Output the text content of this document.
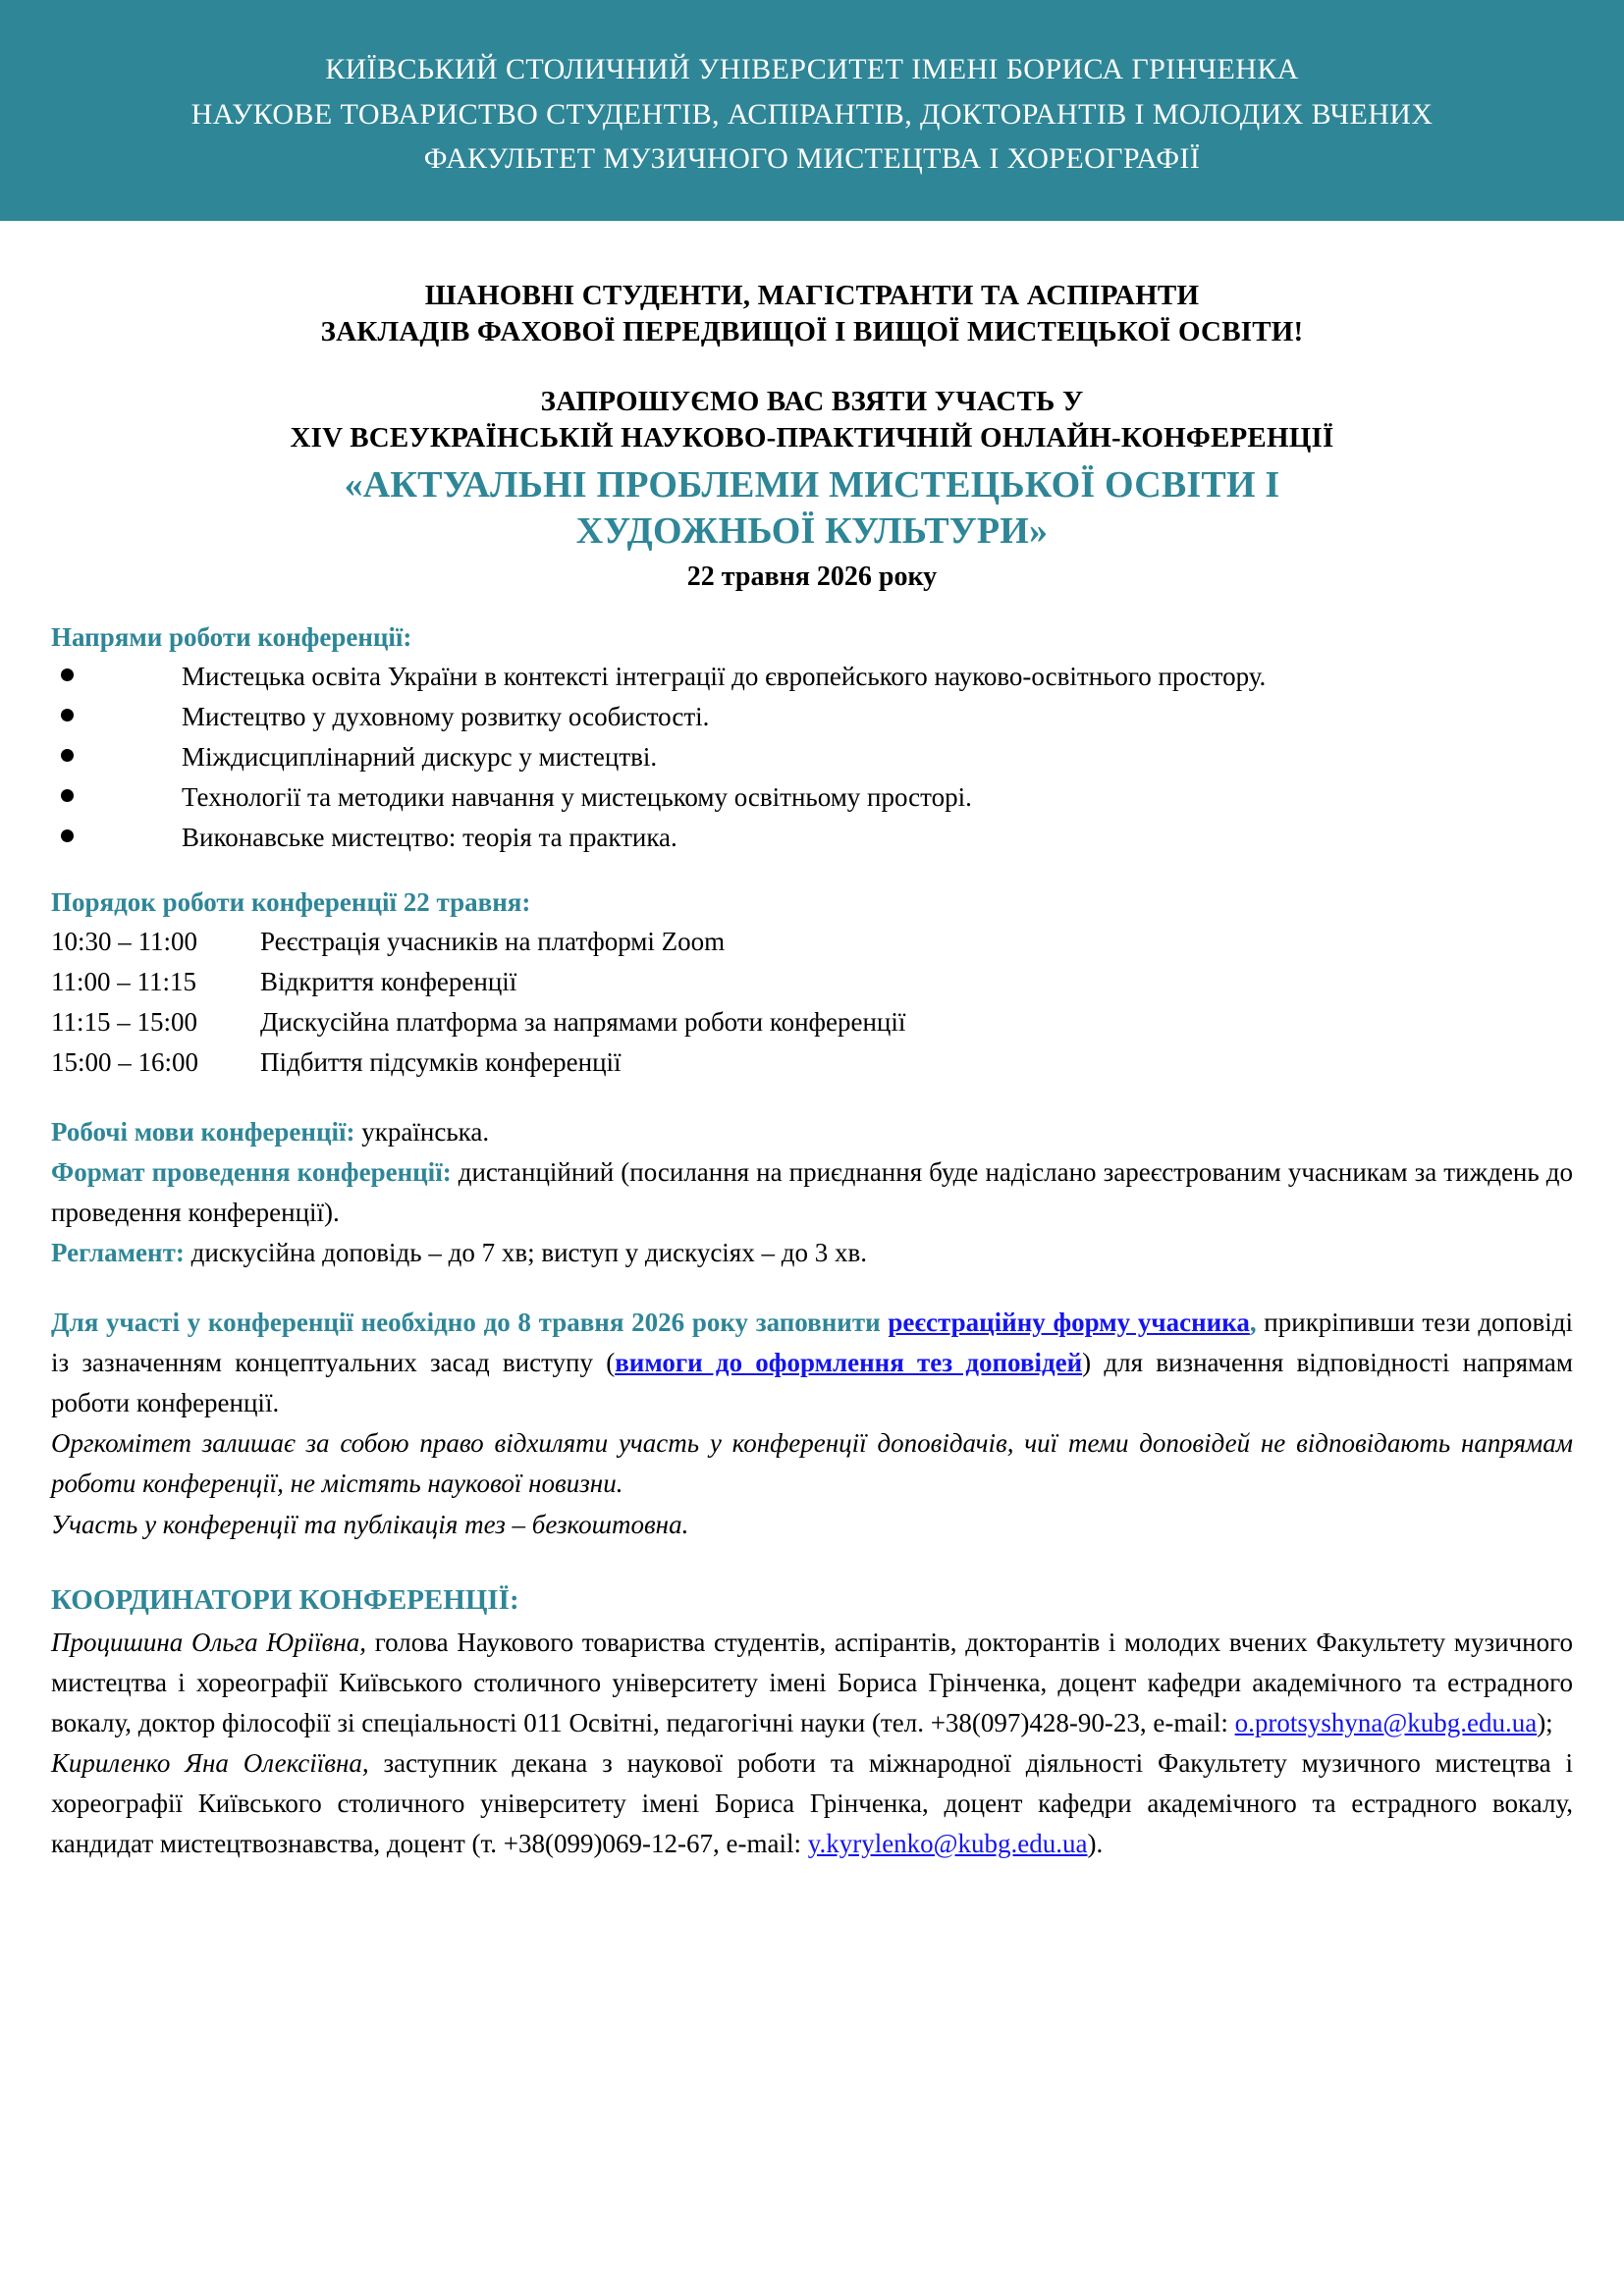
КИЇВСЬКИЙ СТОЛИЧНИЙ УНІВЕРСИТЕТ ІМЕНІ БОРИСА ГРІНЧЕНКА
НАУКОВЕ ТОВАРИСТВО СТУДЕНТІВ, АСПІРАНТІВ, ДОКТОРАНТІВ І МОЛОДИХ ВЧЕНИХ
ФАКУЛЬТЕТ МУЗИЧНОГО МИСТЕЦТВА І ХОРЕОГРАФІЇ
ШАНОВНІ СТУДЕНТИ, МАГІСТРАНТИ ТА АСПІРАНТИ
ЗАКЛАДІВ ФАХОВОЇ ПЕРЕДВИЩОЇ І ВИЩОЇ МИСТЕЦЬКОЇ ОСВІТИ!
ЗАПРОШУЄМО ВАС ВЗЯТИ УЧАСТЬ У
XIV ВСЕУКРАЇНСЬКІЙ НАУКОВО-ПРАКТИЧНІЙ ОНЛАЙН-КОНФЕРЕНЦІЇ
«АКТУАЛЬНІ ПРОБЛЕМИ МИСТЕЦЬКОЇ ОСВІТИ І
ХУДОЖНЬОЇ КУЛЬТУРИ»
22 травня 2026 року
Напрями роботи конференції:
Мистецька освіта України в контексті інтеграції до європейського науково-освітнього простору.
Мистецтво у духовному розвитку особистості.
Міждисциплінарний дискурс у мистецтві.
Технології та методики навчання у мистецькому освітньому просторі.
Виконавське мистецтво: теорія та практика.
Порядок роботи конференції 22 травня:
10:30 – 11:00	Реєстрація учасників на платформі Zoom
11:00 – 11:15	Відкриття конференції
11:15 – 15:00	Дискусійна платформа за напрямами роботи конференції
15:00 – 16:00	Підбиття підсумків конференції

Робочі мови конференції: українська.

Формат проведення конференції: дистанційний (посилання на приєднання буде надіслано зареєстрованим учасникам за тиждень до проведення конференції).

Регламент: дискусійна доповідь – до 7 хв; виступ у дискусіях – до 3 хв.

Для участі у конференції необхідно до 8 травня 2026 року заповнити реєстраційну форму учасника, прикріпивши тези доповіді із зазначенням концептуальних засад виступу (вимоги до оформлення тез доповідей) для визначення відповідності напрямам роботи конференції.

Оргкомітет залишає за собою право відхиляти участь у конференції доповідачів, чиї теми доповідей не відповідають напрямам роботи конференції, не містять наукової новизни.

Участь у конференції та публікація тез – безкоштовна.

КООРДИНАТОРИ КОНФЕРЕНЦІЇ:

Процишина Ольга Юріївна, голова Наукового товариства студентів, аспірантів, докторантів і молодих вчених Факультету музичного мистецтва і хореографії Київського столичного університету імені Бориса Грінченка, доцент кафедри академічного та естрадного вокалу, доктор філософії зі спеціальності 011 Освітні, педагогічні науки (тел. +38(097)428-90-23, e-mail: o.protsyshyna@kubg.edu.ua);

Кириленко Яна Олексіївна, заступник декана з наукової роботи та міжнародної діяльності Факультету музичного мистецтва і хореографії Київського столичного університету імені Бориса Грінченка, доцент кафедри академічного та естрадного вокалу, кандидат мистецтвознавства, доцент (т. +38(099)069-12-67, e-mail: y.kyrylenko@kubg.edu.ua).
